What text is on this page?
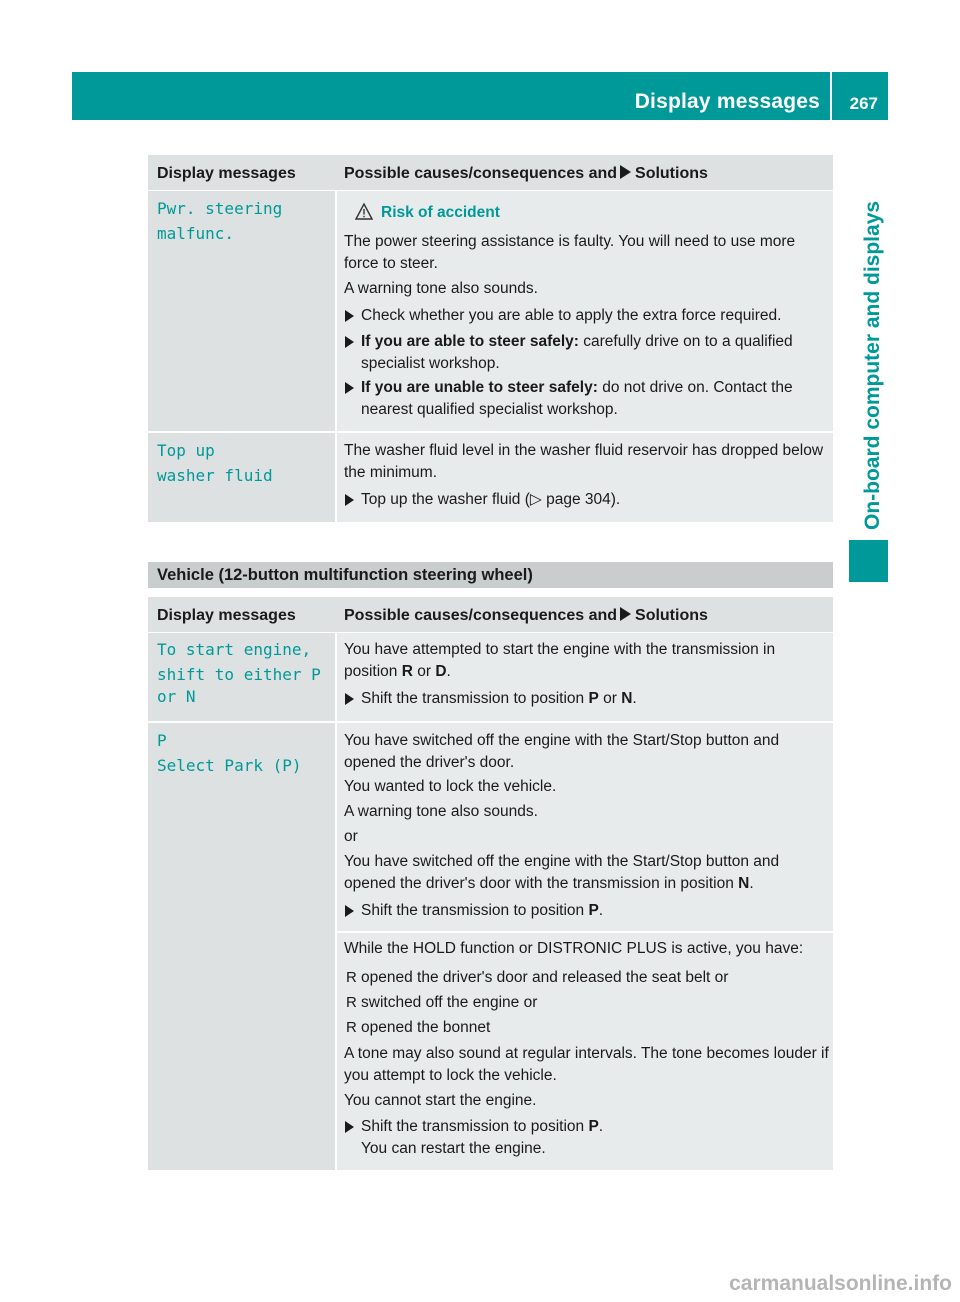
Display messages 267
On-board computer and displays
Display messages	Possible causes/consequences and Solutions
Pwr. steering
malfunc.
Risk of accident
The power steering assistance is faulty. You will need to use more force to steer.
A warning tone also sounds.
Check whether you are able to apply the extra force required.
If you are able to steer safely: carefully drive on to a qualified specialist workshop.
If you are unable to steer safely: do not drive on. Contact the nearest qualified specialist workshop.
Top up
washer fluid
The washer fluid level in the washer fluid reservoir has dropped below the minimum.
Top up the washer fluid (▷ page 304).
Vehicle (12-button multifunction steering wheel)
Display messages	Possible causes/consequences and Solutions
To start engine,
shift to either P
or N
You have attempted to start the engine with the transmission in position R or D.
Shift the transmission to position P or N.
P
Select Park (P)
You have switched off the engine with the Start/Stop button and opened the driver's door.
You wanted to lock the vehicle.
A warning tone also sounds.
or
You have switched off the engine with the Start/Stop button and opened the driver's door with the transmission in position N.
Shift the transmission to position P.
While the HOLD function or DISTRONIC PLUS is active, you have:
R opened the driver's door and released the seat belt or
R switched off the engine or
R opened the bonnet
A tone may also sound at regular intervals. The tone becomes louder if you attempt to lock the vehicle.
You cannot start the engine.
Shift the transmission to position P.
You can restart the engine.
carmanualsonline.info
